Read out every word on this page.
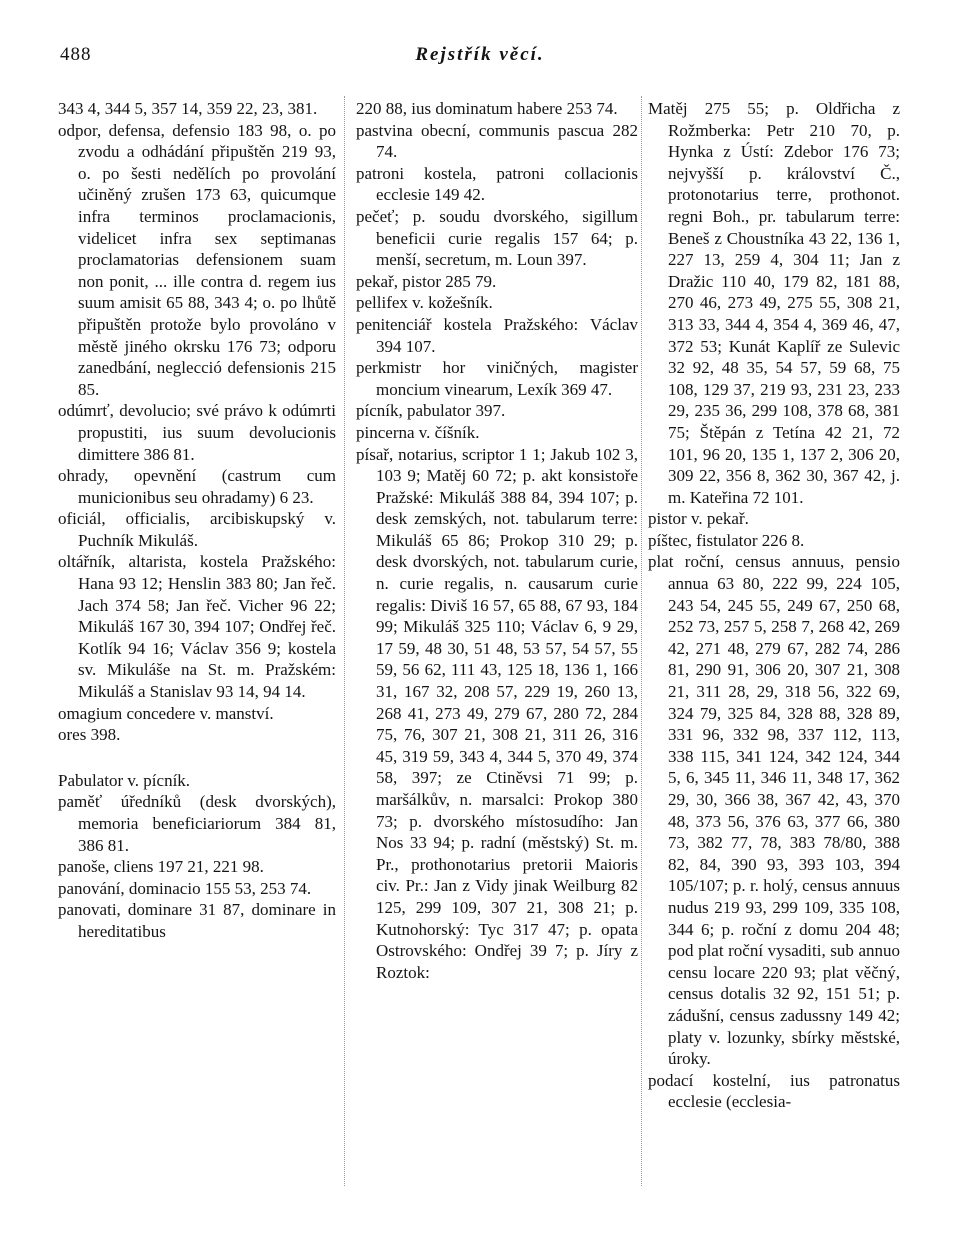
488	Rejstřík věcí.

343 4, 344 5, 357 14, 359 22, 23, 381.

odpor, defensa, defensio 183 98, o. po zvodu a odhádání připuštěn 219 93, o. po šesti nedělích po provolání učiněný zrušen 173 63, quicumque infra terminos proclamacionis, videlicet infra sex septimanas proclamatorias defensionem suam non ponit, ... ille contra d. regem ius suum amisit 65 88, 343 4; o. po lhůtě připuštěn protože bylo provoláno v městě jiného okrsku 176 73; odporu zanedbání, neglecció defensionis 215 85.

odúmrť, devolucio; své právo k odúmrti propustiti, ius suum devolucionis dimittere 386 81.

ohrady, opevnění (castrum cum municionibus seu ohradamy) 6 23.

oficiál, officialis, arcibiskupský v. Puchník Mikuláš.

oltářník, altarista, kostela Pražského: Hana 93 12; Henslin 383 80; Jan řeč. Jach 374 58; Jan řeč. Vicher 96 22; Mikuláš 167 30, 394 107; Ondřej řeč. Kotlík 94 16; Václav 356 9; kostela sv. Mikuláše na St. m. Pražském: Mikuláš a Stanislav 93 14, 94 14.

omagium concedere v. manství.

ores 398.

Pabulator v. pícník.

paměť úředníků (desk dvorských), memoria beneficiariorum 384 81, 386 81.

panoše, cliens 197 21, 221 98.

panování, dominacio 155 53, 253 74.

panovati, dominare 31 87, dominare in hereditatibus

220 88, ius dominatum habere 253 74.

pastvina obecní, communis pascua 282 74.

patroni kostela, patroni collacionis ecclesie 149 42.

pečeť; p. soudu dvorského, sigillum beneficii curie regalis 157 64; p. menší, secretum, m. Loun 397.

pekař, pistor 285 79.

pellifex v. kožešník.

penitenciář kostela Pražského: Václav 394 107.

perkmistr hor viničných, magister moncium vinearum, Lexík 369 47.

pícník, pabulator 397.

pincerna v. číšník.

písař, notarius, scriptor 1 1; Jakub 102 3, 103 9; Matěj 60 72; p. akt konsistoře Pražské: Mikuláš 388 84, 394 107; p. desk zemských, not. tabularum terre: Mikuláš 65 86; Prokop 310 29; p. desk dvorských, not. tabularum curie, n. curie regalis, n. causarum curie regalis: Diviš 16 57, 65 88, 67 93, 184 99; Mikuláš 325 110; Václav 6, 9 29, 17 59, 48 30, 51 48, 53 57, 54 57, 55 59, 56 62, 111 43, 125 18, 136 1, 166 31, 167 32, 208 57, 229 19, 260 13, 268 41, 273 49, 279 67, 280 72, 284 75, 76, 307 21, 308 21, 311 26, 316 45, 319 59, 343 4, 344 5, 370 49, 374 58, 397; ze Ctiněvsi 71 99; p. maršálkův, n. marsalci: Prokop 380 73; p. dvorského místosudího: Jan Nos 33 94; p. radní (městský) St. m. Pr., prothonotarius pretorii Maioris civ. Pr.: Jan z Vidy jinak Weilburg 82 125, 299 109, 307 21, 308 21; p. Kutnohorský: Tyc 317 47; p. opata Ostrovského: Ondřej 39 7; p. Jíry z Roztok:

Matěj 275 55; p. Oldřicha z Rožmberka: Petr 210 70, p. Hynka z Ústí: Zdebor 176 73; nejvyšší p. království Č., protonotarius terre, prothonot. regni Boh., pr. tabularum terre: Beneš z Choustníka 43 22, 136 1, 227 13, 259 4, 304 11; Jan z Dražic 110 40, 179 82, 181 88, 270 46, 273 49, 275 55, 308 21, 313 33, 344 4, 354 4, 369 46, 47, 372 53; Kunát Kaplíř ze Sulevic 32 92, 48 35, 54 57, 59 68, 75 108, 129 37, 219 93, 231 23, 233 29, 235 36, 299 108, 378 68, 381 75; Štěpán z Tetína 42 21, 72 101, 96 20, 135 1, 137 2, 306 20, 309 22, 356 8, 362 30, 367 42, j. m. Kateřina 72 101.

pistor v. pekař.

píštec, fistulator 226 8.

plat roční, census annuus, pensio annua 63 80, 222 99, 224 105, 243 54, 245 55, 249 67, 250 68, 252 73, 257 5, 258 7, 268 42, 269 42, 271 48, 279 67, 282 74, 286 81, 290 91, 306 20, 307 21, 308 21, 311 28, 29, 318 56, 322 69, 324 79, 325 84, 328 88, 328 89, 331 96, 332 98, 337 112, 113, 338 115, 341 124, 342 124, 344 5, 6, 345 11, 346 11, 348 17, 362 29, 30, 366 38, 367 42, 43, 370 48, 373 56, 376 63, 377 66, 380 73, 382 77, 78, 383 78/80, 388 82, 84, 390 93, 393 103, 394 105/107; p. r. holý, census annuus nudus 219 93, 299 109, 335 108, 344 6; p. roční z domu 204 48; pod plat roční vysaditi, sub annuo censu locare 220 93; plat věčný, census dotalis 32 92, 151 51; p. zádušní, census zadussny 149 42; platy v. lozunky, sbírky městské, úroky.

podací kostelní, ius patronatus ecclesie (ecclesia-
